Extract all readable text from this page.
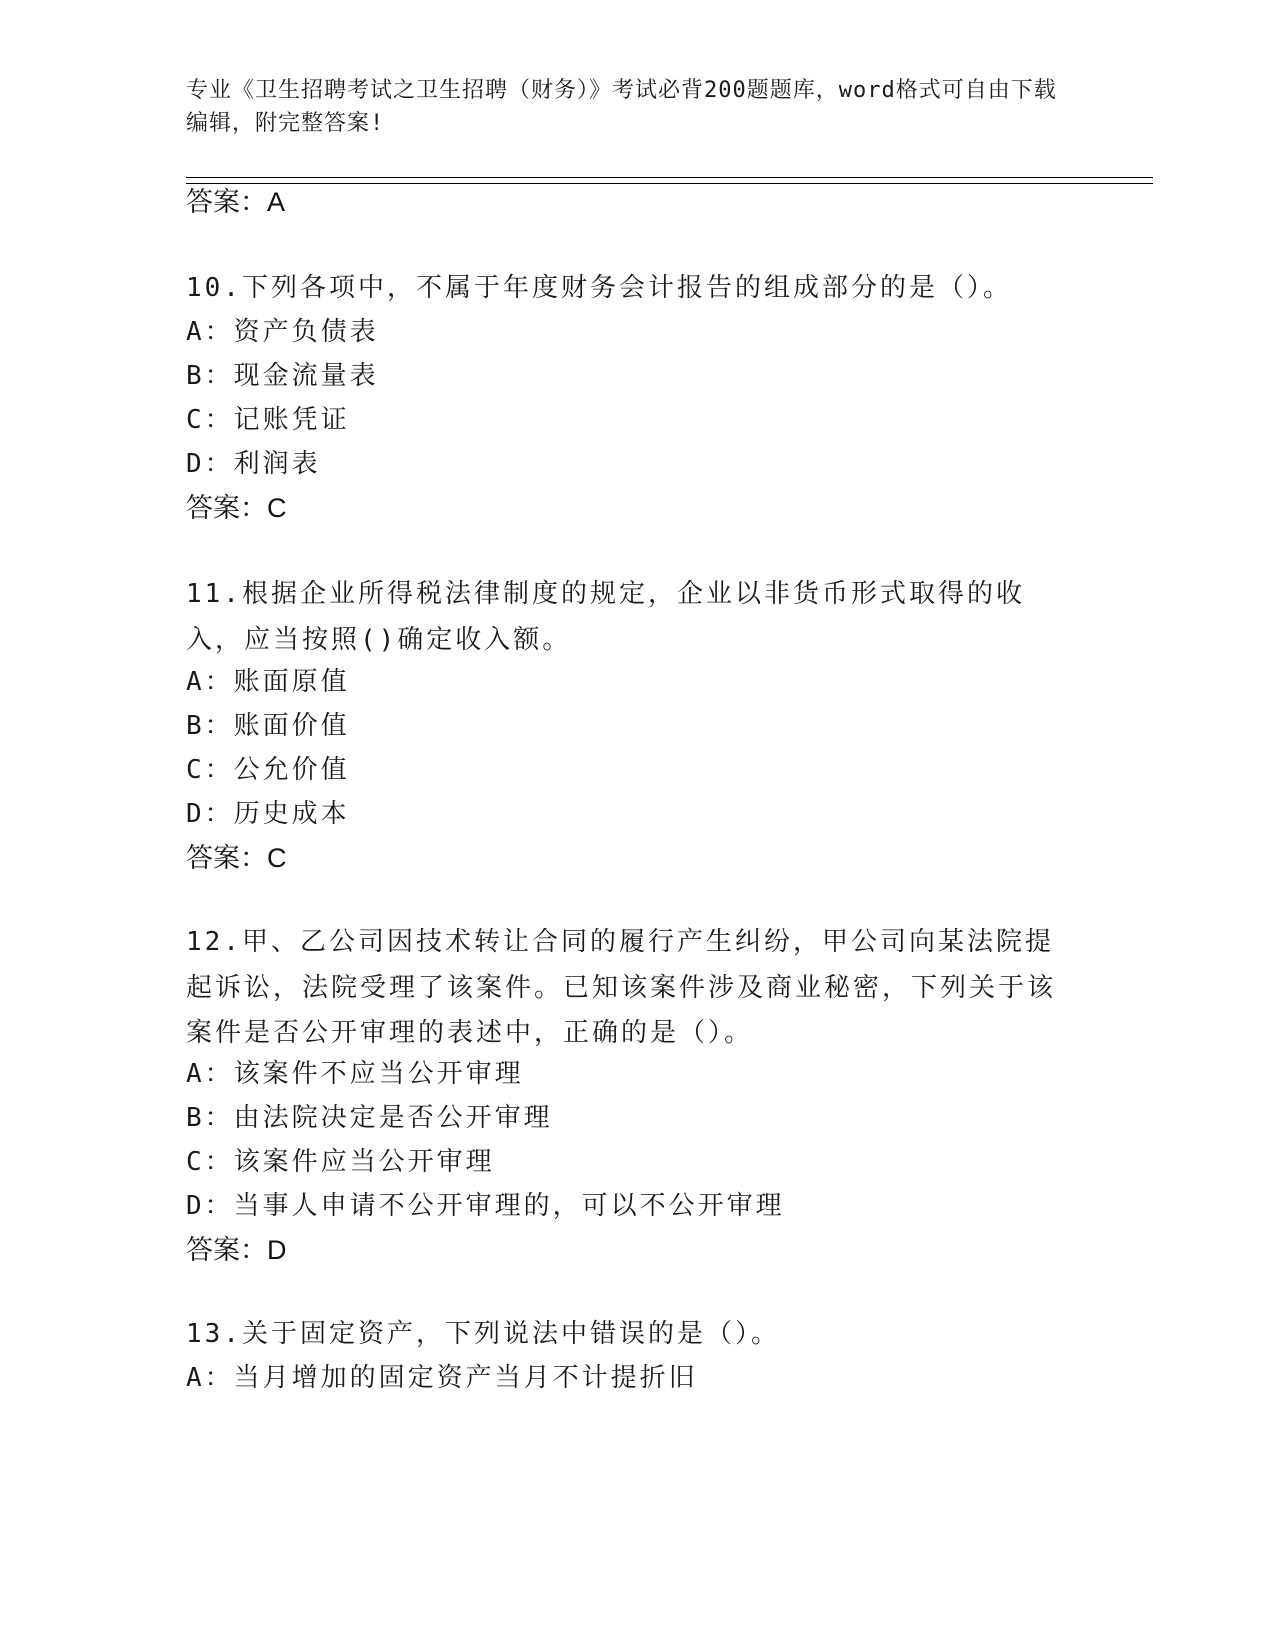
专业《卫生招聘考试之卫生招聘（财务）》考试必背200题题库，word格式可自由下载编辑，附完整答案!
答案：A
10.下列各项中，不属于年度财务会计报告的组成部分的是（）。
A：资产负债表
B：现金流量表
C：记账凭证
D：利润表
答案：C
11.根据企业所得税法律制度的规定，企业以非货币形式取得的收入，应当按照()确定收入额。
A：账面原值
B：账面价值
C：公允价值
D：历史成本
答案：C
12.甲、乙公司因技术转让合同的履行产生纠纷，甲公司向某法院提起诉讼，法院受理了该案件。已知该案件涉及商业秘密，下列关于该案件是否公开审理的表述中，正确的是（）。
A：该案件不应当公开审理
B：由法院决定是否公开审理
C：该案件应当公开审理
D：当事人申请不公开审理的，可以不公开审理
答案：D
13.关于固定资产，下列说法中错误的是（）。
A：当月增加的固定资产当月不计提折旧
